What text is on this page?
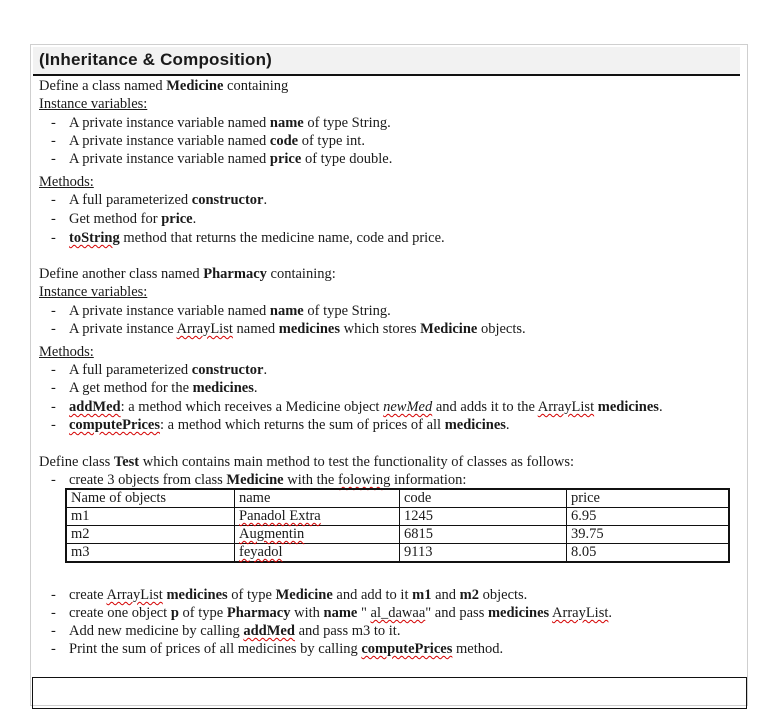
(Inheritance & Composition)
Define a class named Medicine containing
Instance variables:
- A private instance variable named name of type String.
- A private instance variable named code of type int.
- A private instance variable named price of type double.
Methods:
- A full parameterized constructor.
- Get method for price.
- toString method that returns the medicine name, code and price.
Define another class named Pharmacy containing:
Instance variables:
- A private instance variable named name of type String.
- A private instance ArrayList named medicines which stores Medicine objects.
Methods:
- A full parameterized constructor.
- A get method for the medicines.
- addMed: a method which receives a Medicine object newMed and adds it to the ArrayList medicines.
- computePrices: a method which returns the sum of prices of all medicines.
Define class Test which contains main method to test the functionality of classes as follows:
- create 3 objects from class Medicine with the folowing information:
Name of objects	name	code	price
m1	Panadol Extra	1245	6.95
m2	Augmentin	6815	39.75
m3	feyadol	9113	8.05
- create ArrayList medicines of type Medicine and add to it m1 and m2 objects.
- create one object p of type Pharmacy with name " al_dawaa" and pass medicines ArrayList.
- Add new medicine by calling addMed and pass m3 to it.
- Print the sum of prices of all medicines by calling computePrices method.
